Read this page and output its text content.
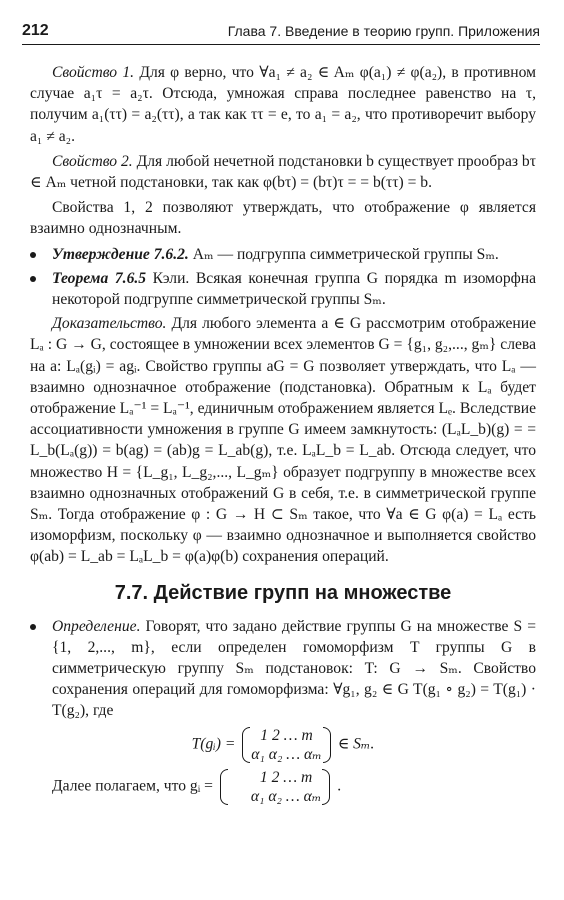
212	Глава 7. Введение в теорию групп. Приложения

Свойство 1. Для φ верно, что ∀a₁ ≠ a₂ ∈ Aₘ φ(a₁) ≠ φ(a₂), в противном случае a₁τ = a₂τ. Отсюда, умножая справа последнее равенство на τ, получим a₁(ττ) = a₂(ττ), а так как ττ = e, то a₁ = a₂, что противоречит выбору a₁ ≠ a₂.

Свойство 2. Для любой нечетной подстановки b существует прообраз bτ ∈ Aₘ четной подстановки, так как φ(bτ) = (bτ)τ = = b(ττ) = b.

Свойства 1, 2 позволяют утверждать, что отображение φ является взаимно однозначным.

Утверждение 7.6.2. Aₘ — подгруппа симметрической группы Sₘ.
Теорема 7.6.5 Кэли. Всякая конечная группа G порядка m изоморфна некоторой подгруппе симметрической группы Sₘ.

Доказательство. Для любого элемента a ∈ G рассмотрим отображение Lₐ : G → G, состоящее в умножении всех элементов G = {g₁, g₂,..., gₘ} слева на a: Lₐ(gᵢ) = agᵢ. Свойство группы aG = G позволяет утверждать, что Lₐ — взаимно однозначное отображение (подстановка). Обратным к Lₐ будет отображение Lₐ⁻¹ = Lₐ⁻¹, единичным отображением является Lₑ. Вследствие ассоциативности умножения в группе G имеем замкнутость: (LₐL_b)(g) = = L_b(Lₐ(g)) = b(ag) = (ab)g = L_ab(g), т.е. LₐL_b = L_ab. Отсюда следует, что множество H = {L_g₁, L_g₂,..., L_gₘ} образует подгруппу в множестве всех взаимно однозначных отображений G в себя, т.е. в симметрической группе Sₘ. Тогда отображение φ : G → H ⊂ Sₘ такое, что ∀a ∈ G φ(a) = Lₐ есть изоморфизм, поскольку φ — взаимно однозначное и выполняется свойство φ(ab) = L_ab = LₐL_b = φ(a)φ(b) сохранения операций.

7.7. Действие групп на множестве
Определение. Говорят, что задано действие группы G на множестве S = {1, 2,..., m}, если определен гомоморфизм T группы G в симметрическую группу Sₘ подстановок: T: G → Sₘ. Свойство сохранения операций для гомоморфизма: ∀g₁, g₂ ∈ G T(g₁ ∘ g₂) = T(g₁) · T(g₂), где
T(gᵢ) =
1 2 … m
α₁ α₂ … αₘ
∈ Sₘ.
Далее полагаем, что gᵢ =
1 2 … m
α₁ α₂ … αₘ
.
